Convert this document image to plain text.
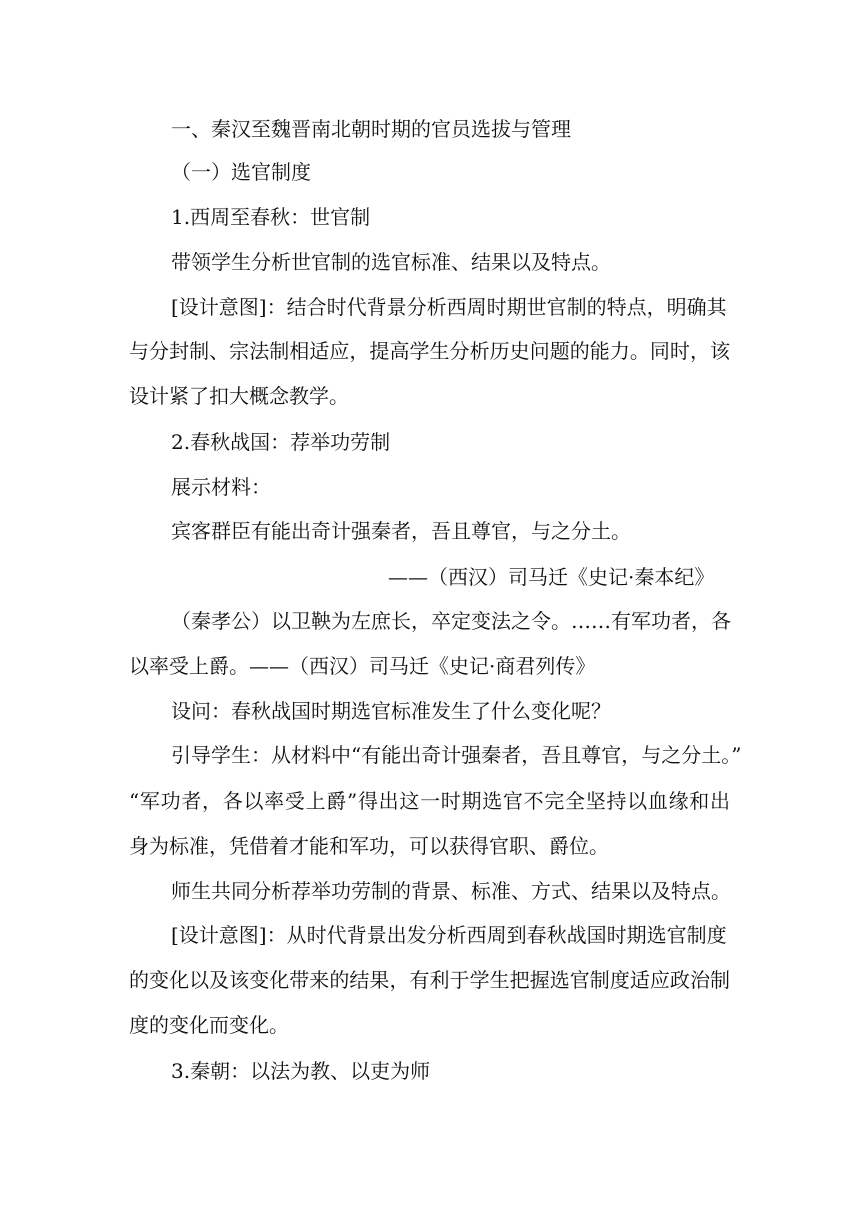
一、秦汉至魏晋南北朝时期的官员选拔与管理
（一）选官制度
1.西周至春秋：世官制
带领学生分析世官制的选官标准、结果以及特点。
[设计意图]：结合时代背景分析西周时期世官制的特点，明确其
与分封制、宗法制相适应，提高学生分析历史问题的能力。同时，该
设计紧了扣大概念教学。
2.春秋战国：荐举功劳制
展示材料：
宾客群臣有能出奇计强秦者，吾且尊官，与之分土。
——（西汉）司马迁《史记·秦本纪》
（秦孝公）以卫鞅为左庶长，卒定变法之令。……有军功者，各
以率受上爵。——（西汉）司马迁《史记·商君列传》
设问：春秋战国时期选官标准发生了什么变化呢？
引导学生：从材料中“有能出奇计强秦者，吾且尊官，与之分土。”
“军功者，各以率受上爵”得出这一时期选官不完全坚持以血缘和出
身为标准，凭借着才能和军功，可以获得官职、爵位。
师生共同分析荐举功劳制的背景、标准、方式、结果以及特点。
[设计意图]：从时代背景出发分析西周到春秋战国时期选官制度
的变化以及该变化带来的结果，有利于学生把握选官制度适应政治制
度的变化而变化。
3.秦朝：以法为教、以吏为师
